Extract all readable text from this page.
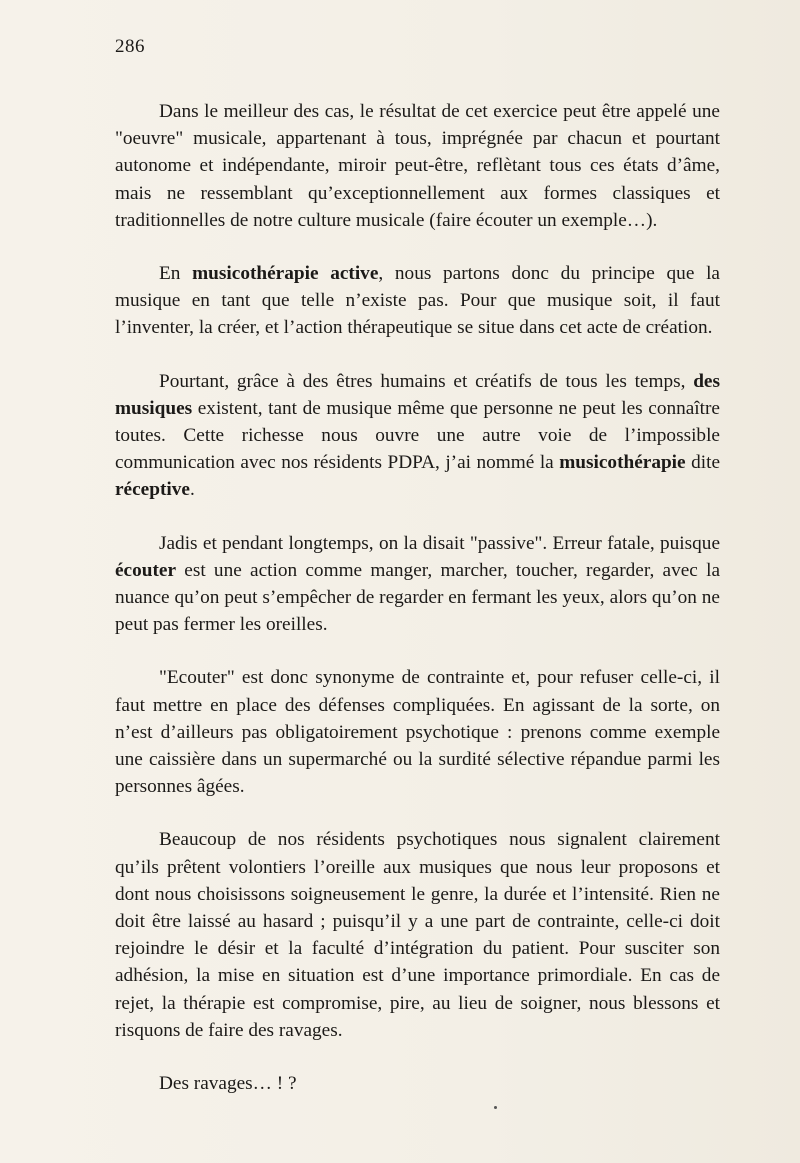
286

Dans le meilleur des cas, le résultat de cet exercice peut être appelé une "oeuvre" musicale, appartenant à tous, imprégnée par chacun et pourtant autonome et indépendante, miroir peut-être, reflètant tous ces états d’âme, mais ne ressemblant qu’exceptionnellement aux formes classiques et traditionnelles de notre culture musicale (faire écouter un exemple…).

En musicothérapie active, nous partons donc du principe que la musique en tant que telle n’existe pas. Pour que musique soit, il faut l’inventer, la créer, et l’action thérapeutique se situe dans cet acte de création.

Pourtant, grâce à des êtres humains et créatifs de tous les temps, des musiques existent, tant de musique même que personne ne peut les connaître toutes. Cette richesse nous ouvre une autre voie de l’impossible communication avec nos résidents PDPA, j’ai nommé la musicothérapie dite réceptive.

Jadis et pendant longtemps, on la disait "passive". Erreur fatale, puisque écouter est une action comme manger, marcher, toucher, regarder, avec la nuance qu’on peut s’empêcher de regarder en fermant les yeux, alors qu’on ne peut pas fermer les oreilles.

"Ecouter" est donc synonyme de contrainte et, pour refuser celle-ci, il faut mettre en place des défenses compliquées. En agissant de la sorte, on n’est d’ailleurs pas obligatoirement psychotique : prenons comme exemple une caissière dans un supermarché ou la surdité sélective répandue parmi les personnes âgées.

Beaucoup de nos résidents psychotiques nous signalent clairement qu’ils prêtent volontiers l’oreille aux musiques que nous leur proposons et dont nous choisissons soigneusement le genre, la durée et l’intensité. Rien ne doit être laissé au hasard ; puisqu’il y a une part de contrainte, celle-ci doit rejoindre le désir et la faculté d’intégration du patient. Pour susciter son adhésion, la mise en situation est d’une importance primordiale. En cas de rejet, la thérapie est compromise, pire, au lieu de soigner, nous blessons et risquons de faire des ravages.

Des ravages… ! ?
